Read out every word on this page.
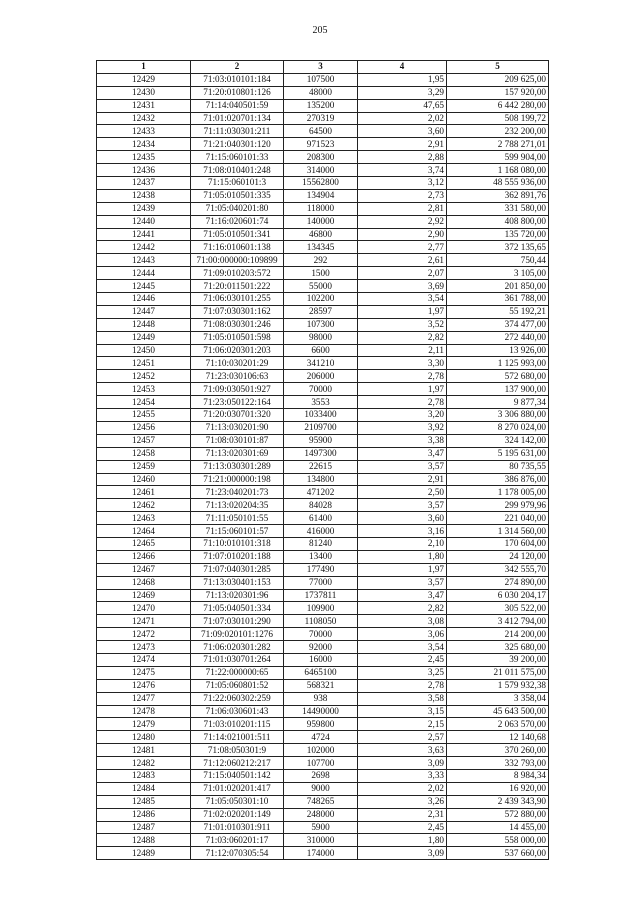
205
1	2	3	4	5
12429	71:03:010101:184	107500	1,95	209 625,00
12430	71:20:010801:126	48000	3,29	157 920,00
12431	71:14:040501:59	135200	47,65	6 442 280,00
12432	71:01:020701:134	270319	2,02	508 199,72
12433	71:11:030301:211	64500	3,60	232 200,00
12434	71:21:040301:120	971523	2,91	2 788 271,01
12435	71:15:060101:33	208300	2,88	599 904,00
12436	71:08:010401:248	314000	3,74	1 168 080,00
12437	71:15:060101:3	15562800	3,12	48 555 936,00
12438	71:05:010501:335	134904	2,73	362 891,76
12439	71:05:040201:80	118000	2,81	331 580,00
12440	71:16:020601:74	140000	2,92	408 800,00
12441	71:05:010501:341	46800	2,90	135 720,00
12442	71:16:010601:138	134345	2,77	372 135,65
12443	71:00:000000:109899	292	2,61	750,44
12444	71:09:010203:572	1500	2,07	3 105,00
12445	71:20:011501:222	55000	3,69	201 850,00
12446	71:06:030101:255	102200	3,54	361 788,00
12447	71:07:030301:162	28597	1,97	55 192,21
12448	71:08:030301:246	107300	3,52	374 477,00
12449	71:05:010501:598	98000	2,82	272 440,00
12450	71:06:020301:203	6600	2,11	13 926,00
12451	71:10:030201:29	341210	3,30	1 125 993,00
12452	71:23:030106:63	206000	2,78	572 680,00
12453	71:09:030501:927	70000	1,97	137 900,00
12454	71:23:050122:164	3553	2,78	9 877,34
12455	71:20:030701:320	1033400	3,20	3 306 880,00
12456	71:13:030201:90	2109700	3,92	8 270 024,00
12457	71:08:030101:87	95900	3,38	324 142,00
12458	71:13:020301:69	1497300	3,47	5 195 631,00
12459	71:13:030301:289	22615	3,57	80 735,55
12460	71:21:000000:198	134800	2,91	386 876,00
12461	71:23:040201:73	471202	2,50	1 178 005,00
12462	71:13:020204:35	84028	3,57	299 979,96
12463	71:11:050101:55	61400	3,60	221 040,00
12464	71:15:060101:57	416000	3,16	1 314 560,00
12465	71:10:010101:318	81240	2,10	170 604,00
12466	71:07:010201:188	13400	1,80	24 120,00
12467	71:07:040301:285	177490	1,97	342 555,70
12468	71:13:030401:153	77000	3,57	274 890,00
12469	71:13:020301:96	1737811	3,47	6 030 204,17
12470	71:05:040501:334	109900	2,82	305 522,00
12471	71:07:030101:290	1108050	3,08	3 412 794,00
12472	71:09:020101:1276	70000	3,06	214 200,00
12473	71:06:020301:282	92000	3,54	325 680,00
12474	71:01:030701:264	16000	2,45	39 200,00
12475	71:22:000000:65	6465100	3,25	21 011 575,00
12476	71:05:060801:52	568321	2,78	1 579 932,38
12477	71:22:060302:259	938	3,58	3 358,04
12478	71:06:030601:43	14490000	3,15	45 643 500,00
12479	71:03:010201:115	959800	2,15	2 063 570,00
12480	71:14:021001:511	4724	2,57	12 140,68
12481	71:08:050301:9	102000	3,63	370 260,00
12482	71:12:060212:217	107700	3,09	332 793,00
12483	71:15:040501:142	2698	3,33	8 984,34
12484	71:01:020201:417	9000	2,02	16 920,00
12485	71:05:050301:10	748265	3,26	2 439 343,90
12486	71:02:020201:149	248000	2,31	572 880,00
12487	71:01:010301:911	5900	2,45	14 455,00
12488	71:03:060201:17	310000	1,80	558 000,00
12489	71:12:070305:54	174000	3,09	537 660,00
